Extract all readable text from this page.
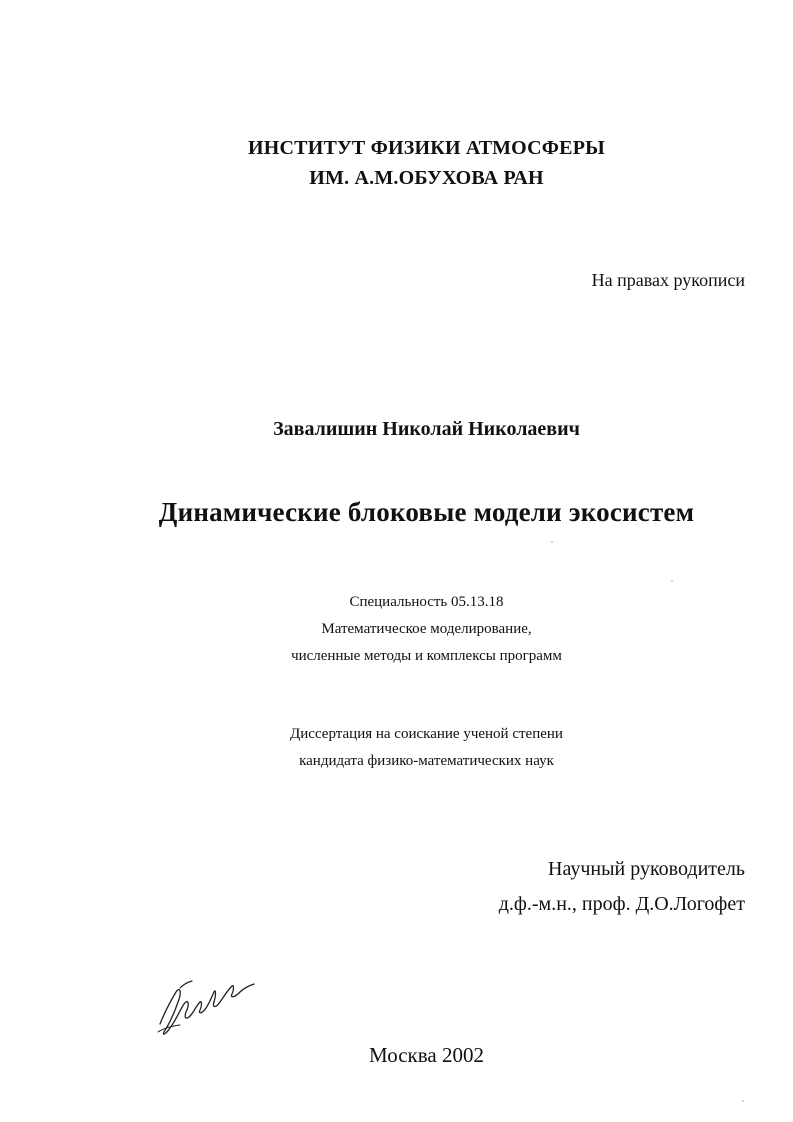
ИНСТИТУТ ФИЗИКИ АТМОСФЕРЫ
ИМ. А.М.ОБУХОВА РАН
На правах рукописи
Завалишин Николай Николаевич
Динамические блоковые модели экосистем
Специальность 05.13.18
Математическое моделирование,
численные методы и комплексы программ
Диссертация на соискание ученой степени
кандидата физико-математических наук
Научный руководитель
д.ф.-м.н., проф. Д.О.Логофет
Москва 2002
